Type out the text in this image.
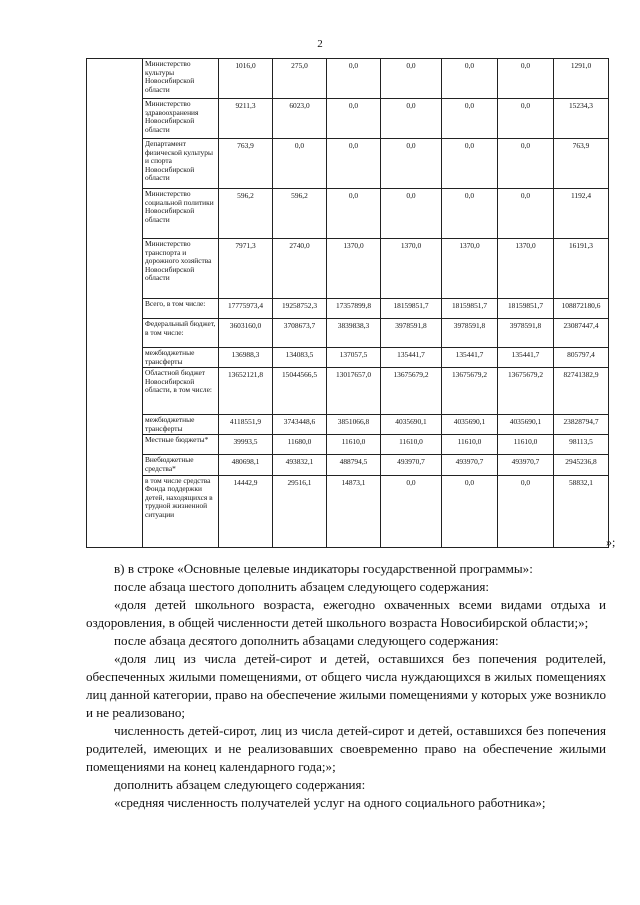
2
	Министерство культуры Новосибирской области	1016,0	275,0	0,0	0,0	0,0	0,0	1291,0
	Министерство здравоохранения Новосибирской области	9211,3	6023,0	0,0	0,0	0,0	0,0	15234,3
	Департамент физической культуры и спорта Новосибирской области	763,9	0,0	0,0	0,0	0,0	0,0	763,9
	Министерство социальной политики Новосибирской области	596,2	596,2	0,0	0,0	0,0	0,0	1192,4
	Министерство транспорта и дорожного хозяйства Новосибирской области	7971,3	2740,0	1370,0	1370,0	1370,0	1370,0	16191,3
	Всего, в том числе:	17775973,4	19258752,3	17357899,8	18159851,7	18159851,7	18159851,7	108872180,6
	Федеральный бюджет, в том числе:	3603160,0	3708673,7	3839838,3	3978591,8	3978591,8	3978591,8	23087447,4
	межбюджетные трансферты	136988,3	134083,5	137057,5	135441,7	135441,7	135441,7	805797,4
	Областной бюджет Новосибирской области, в том числе:	13652121,8	15044566,5	13017657,0	13675679,2	13675679,2	13675679,2	82741382,9
	межбюджетные трансферты	4118551,9	3743448,6	3851066,8	4035690,1	4035690,1	4035690,1	23828794,7
	Местные бюджеты*	39993,5	11680,0	11610,0	11610,0	11610,0	11610,0	98113,5
	Внебюджетные средства*	480698,1	493832,1	488794,5	493970,7	493970,7	493970,7	2945236,8
	в том числе средства Фонда поддержки детей, находящихся в трудной жизненной ситуации	14442,9	29516,1	14873,1	0,0	0,0	0,0	58832,1
»;

в) в строке «Основные целевые индикаторы государственной программы»:

после абзаца шестого дополнить абзацем следующего содержания:

«доля детей школьного возраста, ежегодно охваченных всеми видами отдыха и оздоровления, в общей численности детей школьного возраста Новосибирской области;»;

после абзаца десятого дополнить абзацами следующего содержания:

«доля лиц из числа детей-сирот и детей, оставшихся без попечения родителей, обеспеченных жилыми помещениями, от общего числа нуждающихся в жилых помещениях лиц данной категории, право на обеспечение жилыми помещениями у которых уже возникло и не реализовано;

численность детей-сирот, лиц из числа детей-сирот и детей, оставшихся без попечения родителей, имеющих и не реализовавших своевременно право на обеспечение жилыми помещениями на конец календарного года;»;

дополнить абзацем следующего содержания:

«средняя численность получателей услуг на одного социального работника»;
